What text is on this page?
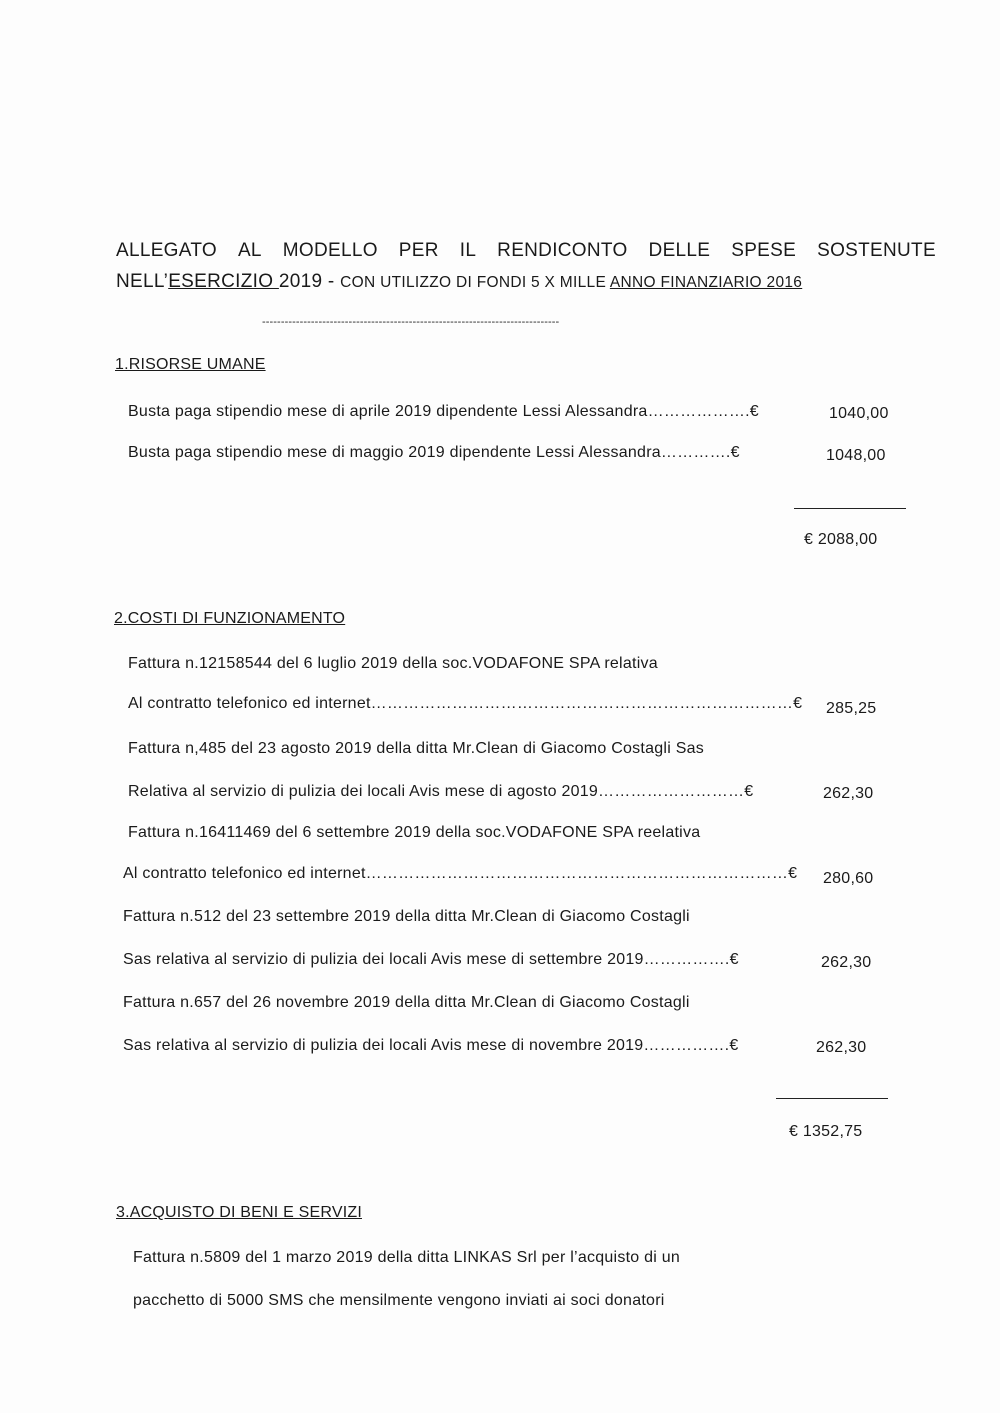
ALLEGATO AL MODELLO PER IL RENDICONTO DELLE SPESE SOSTENUTE
NELL’ESERCIZIO 2019 - CON UTILIZZO DI FONDI 5 X MILLE ANNO FINANZIARIO 2016
-------------------------------------------------------------------------------
1.RISORSE UMANE
Busta paga stipendio mese di aprile 2019 dipendente Lessi Alessandra……………….€	1040,00
Busta paga stipendio mese di maggio 2019 dipendente Lessi Alessandra………….€	1048,00
€ 2088,00
2.COSTI DI FUNZIONAMENTO
Fattura n.12158544 del 6 luglio 2019 della soc.VODAFONE SPA relativa
Al contratto telefonico ed internet……………………………………………………………………€ 285,25
Fattura n,485 del 23 agosto 2019 della ditta Mr.Clean di Giacomo Costagli Sas
Relativa al servizio di pulizia dei locali Avis mese di agosto 2019………………………€	262,30
Fattura n.16411469 del 6 settembre 2019 della soc.VODAFONE SPA reelativa
Al contratto telefonico ed internet……………………………………………………………………€ 280,60
Fattura n.512 del 23 settembre 2019 della ditta Mr.Clean di Giacomo Costagli
Sas relativa al servizio di pulizia dei locali Avis mese di settembre 2019…………….€	262,30
Fattura n.657 del 26 novembre 2019 della ditta Mr.Clean di Giacomo Costagli
Sas relativa al servizio di pulizia dei locali Avis mese di novembre 2019…………….€	262,30
€ 1352,75
3.ACQUISTO DI BENI E SERVIZI
Fattura n.5809 del 1 marzo 2019 della ditta LINKAS Srl per l’acquisto di un
pacchetto di 5000 SMS che mensilmente vengono inviati ai soci donatori
